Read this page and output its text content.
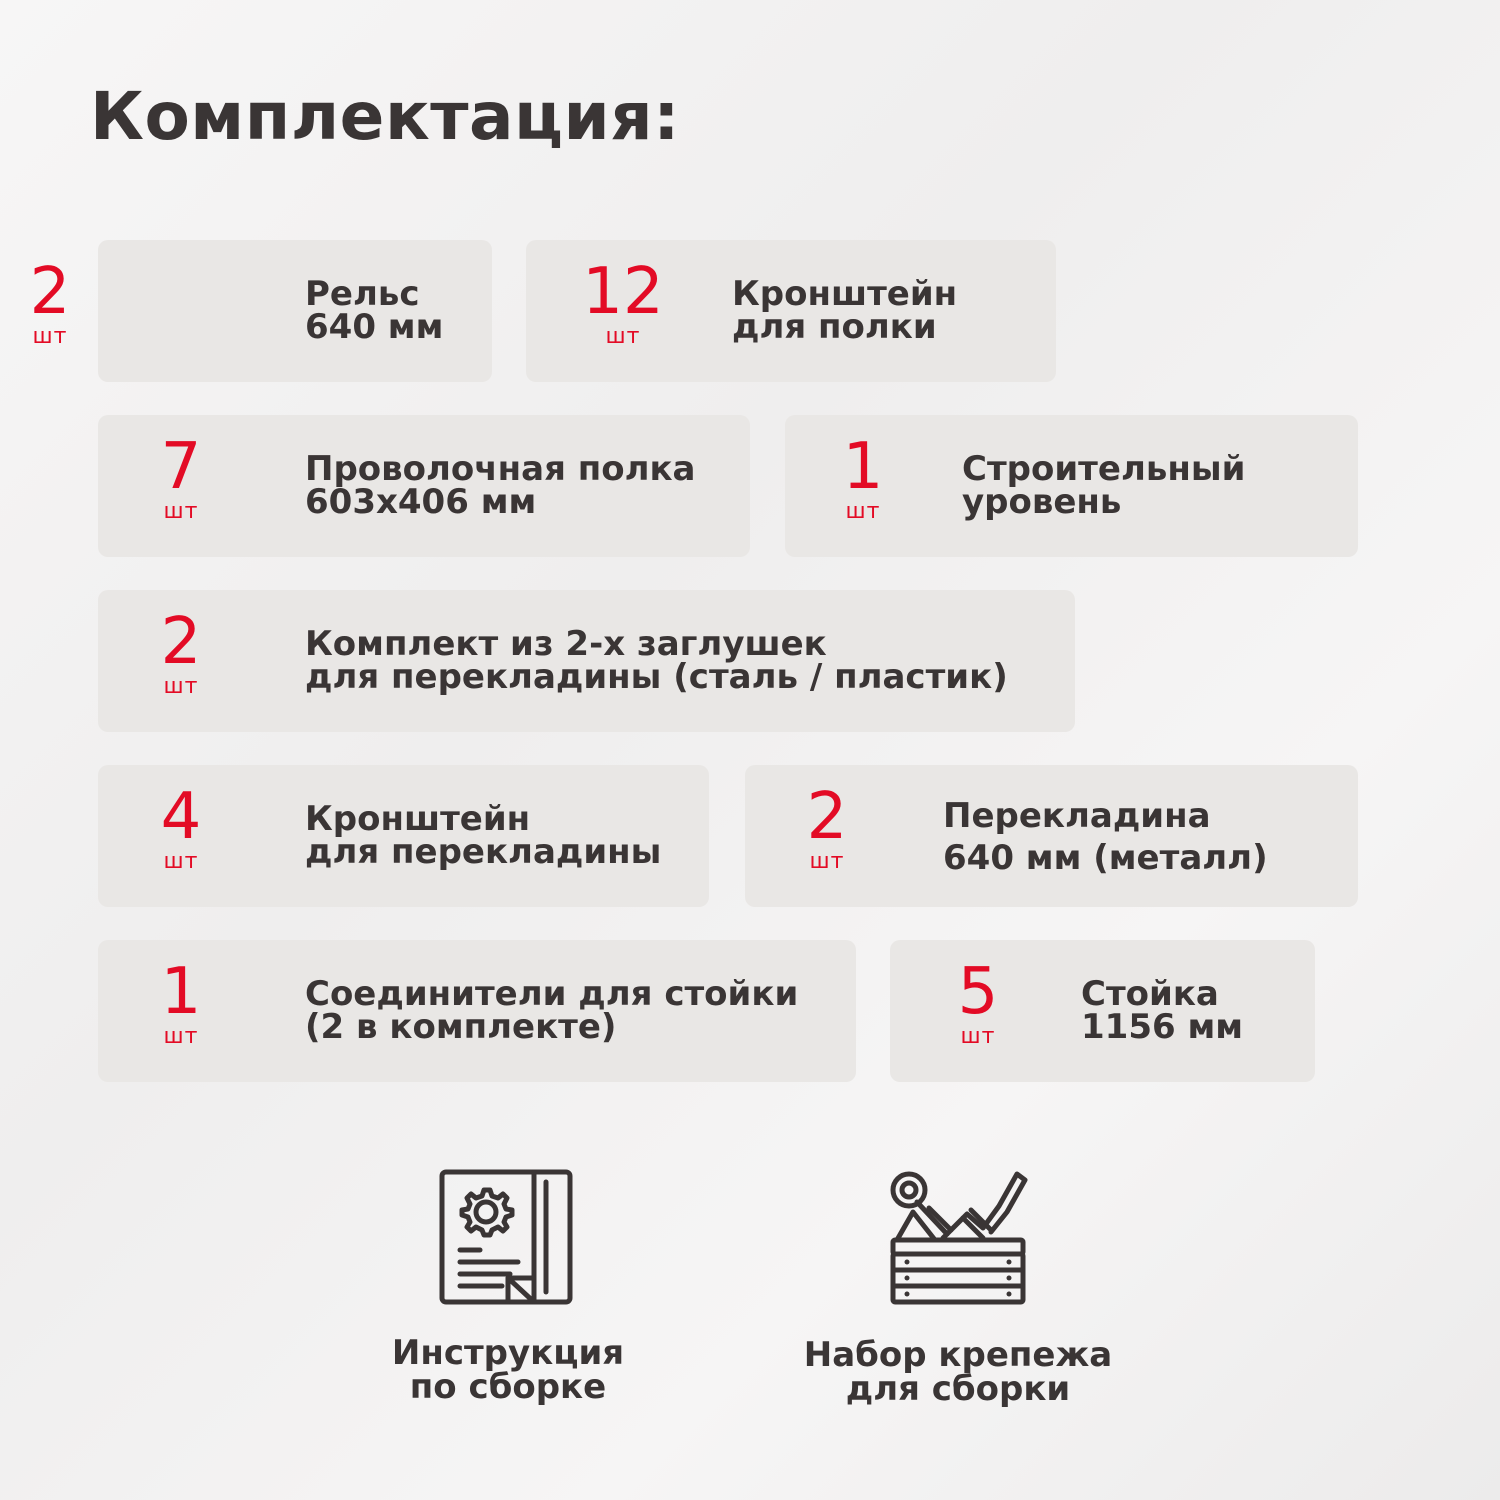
Комплектация:
2
шт
Рельс
640 мм 12
шт
Кронштейн
для полки
7
шт
Проволочная полка
603х406 мм	1
шт
Строительный
уровень
2
шт
Комплект из 2-х заглушек
для перекладины (сталь / пластик)
4
шт
Кронштейн
для перекладины	2
шт
Перекладина
640 мм (металл)
1
шт
Соединители для стойки
(2 в комплекте)	5
шт
Стойка
1156 мм
Инструкция
по сборке
Набор крепежа
для сборки
